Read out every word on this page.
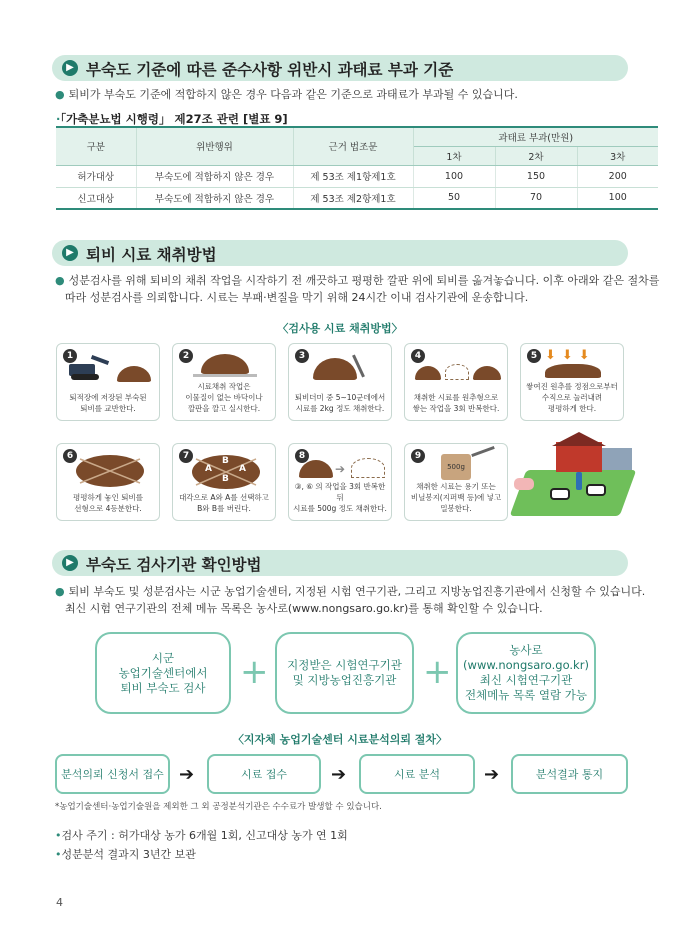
▶ 부숙도 기준에 따른 준수사항 위반시 과태료 부과 기준
● 퇴비가 부숙도 기준에 적합하지 않은 경우 다음과 같은 기준으로 과태료가 부과될 수 있습니다.
·「가축분뇨법 시행령」 제27조 관련 [별표 9]
구분	위반행위	근거 법조문	과태료 부과(만원)		
			1차	2차	3차
허가대상	부숙도에 적합하지 않은 경우	제 53조 제1항제1호	100	150	200
신고대상	부숙도에 적합하지 않은 경우	제 53조 제2항제1호	50	70	100
▶ 퇴비 시료 채취방법
● 성분검사를 위해 퇴비의 채취 작업을 시작하기 전 깨끗하고 평평한 깔판 위에 퇴비를 옮겨놓습니다. 이후 아래와 같은 절차를
따라 성분검사를 의뢰합니다. 시료는 부패·변질을 막기 위해 24시간 이내 검사기관에 운송합니다.
〈검사용 시료 채취방법〉
1
퇴적장에 저장된 부숙된
퇴비를 교반한다.
2
시료채취 작업은
이물질이 없는 바닥이나
깔판을 깔고 실시한다.
3
퇴비더미 중 5~10군데에서
시료를 2kg 정도 채취한다.
4
채취한 시료를 원추형으로
쌓는 작업을 3회 반복한다.
5 ⬇⬇⬇
쌓여진 원추를 정점으로부터
수직으로 눌러내려
평평하게 한다.
6
평평하게 놓인 퇴비를
선형으로 4등분한다.
7
A
B
B
A
대각으로 A와 A를 선택하고
B와 B를 버린다.
8
➔
③, ⑥ 의 작업을 3회 반복한 뒤
시료를 500g 정도 채취한다.
9
500g
채취한 시료는 용기 또는
비닐봉지(지퍼백 등)에 넣고
밀봉한다.
▶ 부숙도 검사기관 확인방법
● 퇴비 부숙도 및 성분검사는 시군 농업기술센터, 지정된 시험 연구기관, 그리고 지방농업진흥기관에서 신청할 수 있습니다.
최신 시험 연구기관의 전체 메뉴 목록은 농사로(www.nongsaro.go.kr)를 통해 확인할 수 있습니다.
시군
농업기술센터에서
퇴비 부숙도 검사	+	지정받은 시험연구기관
및 지방농업진흥기관 +
농사로
(www.nongsaro.go.kr)
최신 시험연구기관
전체메뉴 목록 열람 가능
〈지자체 농업기술센터 시료분석의뢰 절차〉
분석의뢰 신청서 접수 ➔	시료 접수	➔	시료 분석	➔	분석결과 통지
*농업기술센터·농업기술원을 제외한 그 외 공정분석기관은 수수료가 발생할 수 있습니다.
•검사 주기 : 허가대상 농가 6개월 1회, 신고대상 농가 연 1회
•성분분석 결과지 3년간 보관
4
